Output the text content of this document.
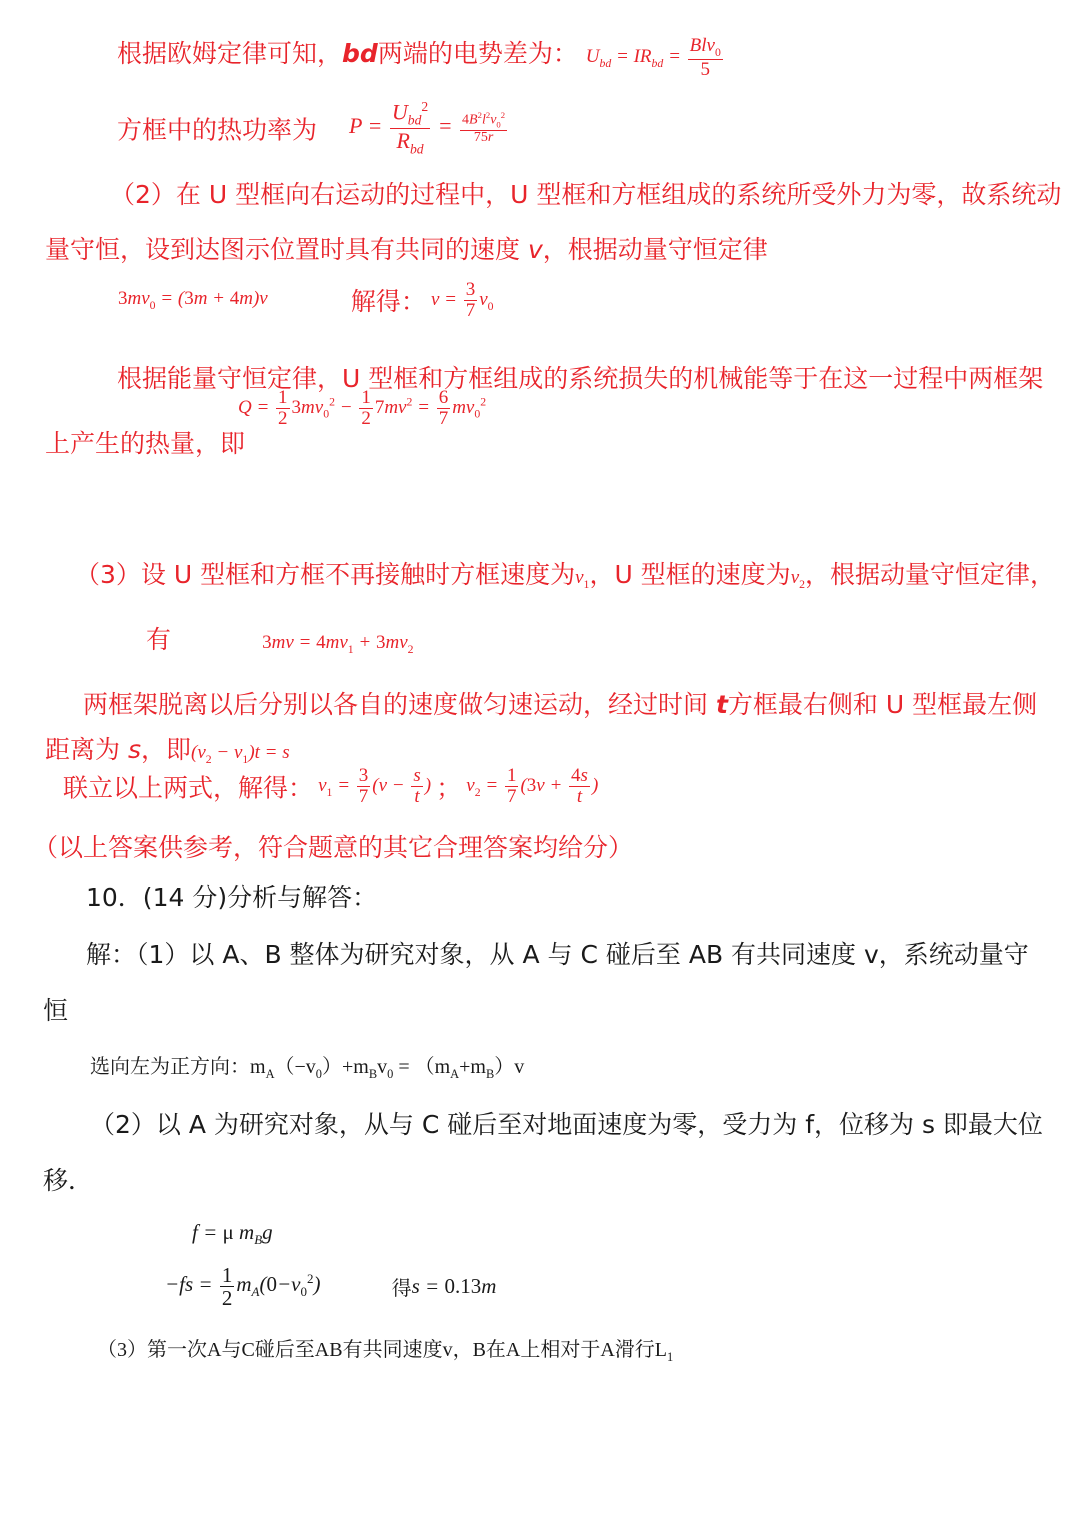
根据欧姆定律可知，bd两端的电势差为： $U_{bd} = IR_{bd} = \frac{Blv_0}{5}$
方框中的热功率为 $P = \frac{U_{bd}^2}{R_{bd}} = \frac{4B^2l^2v_0^2}{75r}$
（2）在 U 型框向右运动的过程中，U 型框和方框组成的系统所受外力为零，故系统动
量守恒，设到达图示位置时具有共同的速度 v，根据动量守恒定律
$3mv_0 = (3m + 4m)v$	解得： $v = \frac{3}{7} v_0$
根据能量守恒定律，U 型框和方框组成的系统损失的机械能等于在这一过程中两框架
$Q = \frac{1}{2} 3mv_0^2 - \frac{1}{2} 7mv^2 = \frac{6}{7} mv_0^2$
上产生的热量，即
（3）设 U 型框和方框不再接触时方框速度为$v_1$，U 型框的速度为$v_2$，根据动量守恒定律，
有	$3mv = 4mv_1 + 3mv_2$
两框架脱离以后分别以各自的速度做匀速运动，经过时间 t方框最右侧和 U 型框最左侧
距离为 s，即$(v_2 - v_1)t = s$
联立以上两式，解得： $v_1 = \frac{3}{7} (v - \frac{s}{t}$ ) ； $v_2 = \frac{1}{7} (3v + \frac{4s}{t}$ )
（以上答案供参考，符合题意的其它合理答案均给分）
10．(14 分)分析与解答：
解：（1）以 A、B 整体为研究对象，从 A 与 C 碰后至 AB 有共同速度 v，系统动量守
恒
选向左为正方向：$m_A(-v_0)+m_Bv_0 = (m_A+m_B)v$
（2）以 A 为研究对象，从与 C 碰后至对地面速度为零，受力为 f，位移为 s 即最大位
移．
f = μ $m_Bg$
$-fs = \frac{1}{2} m_A(0-v_0^2)$	得s = 0.13m
（3）第一次A与C碰后至AB有共同速度v，B在A上相对于A滑行$L_1$
